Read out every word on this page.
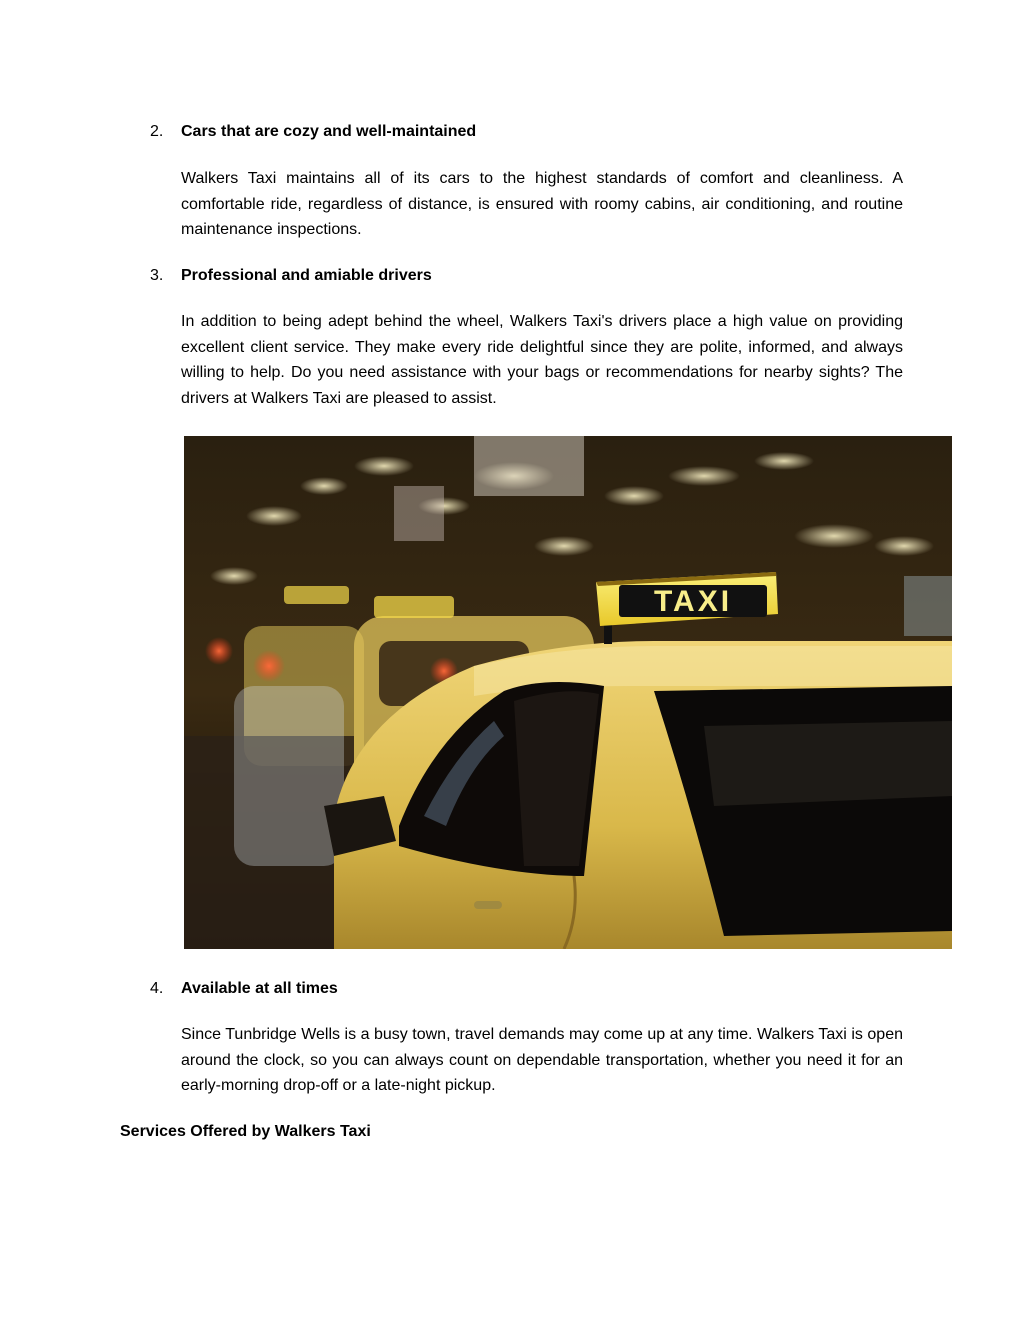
2. Cars that are cozy and well-maintained

Walkers Taxi maintains all of its cars to the highest standards of comfort and cleanliness. A comfortable ride, regardless of distance, is ensured with roomy cabins, air conditioning, and routine maintenance inspections.

3. Professional and amiable drivers

In addition to being adept behind the wheel, Walkers Taxi's drivers place a high value on providing excellent client service. They make every ride delightful since they are polite, informed, and always willing to help. Do you need assistance with your bags or recommendations for nearby sights? The drivers at Walkers Taxi are pleased to assist.

TAXI
4. Available at all times

Since Tunbridge Wells is a busy town, travel demands may come up at any time. Walkers Taxi is open around the clock, so you can always count on dependable transportation, whether you need it for an early-morning drop-off or a late-night pickup.

Services Offered by Walkers Taxi
